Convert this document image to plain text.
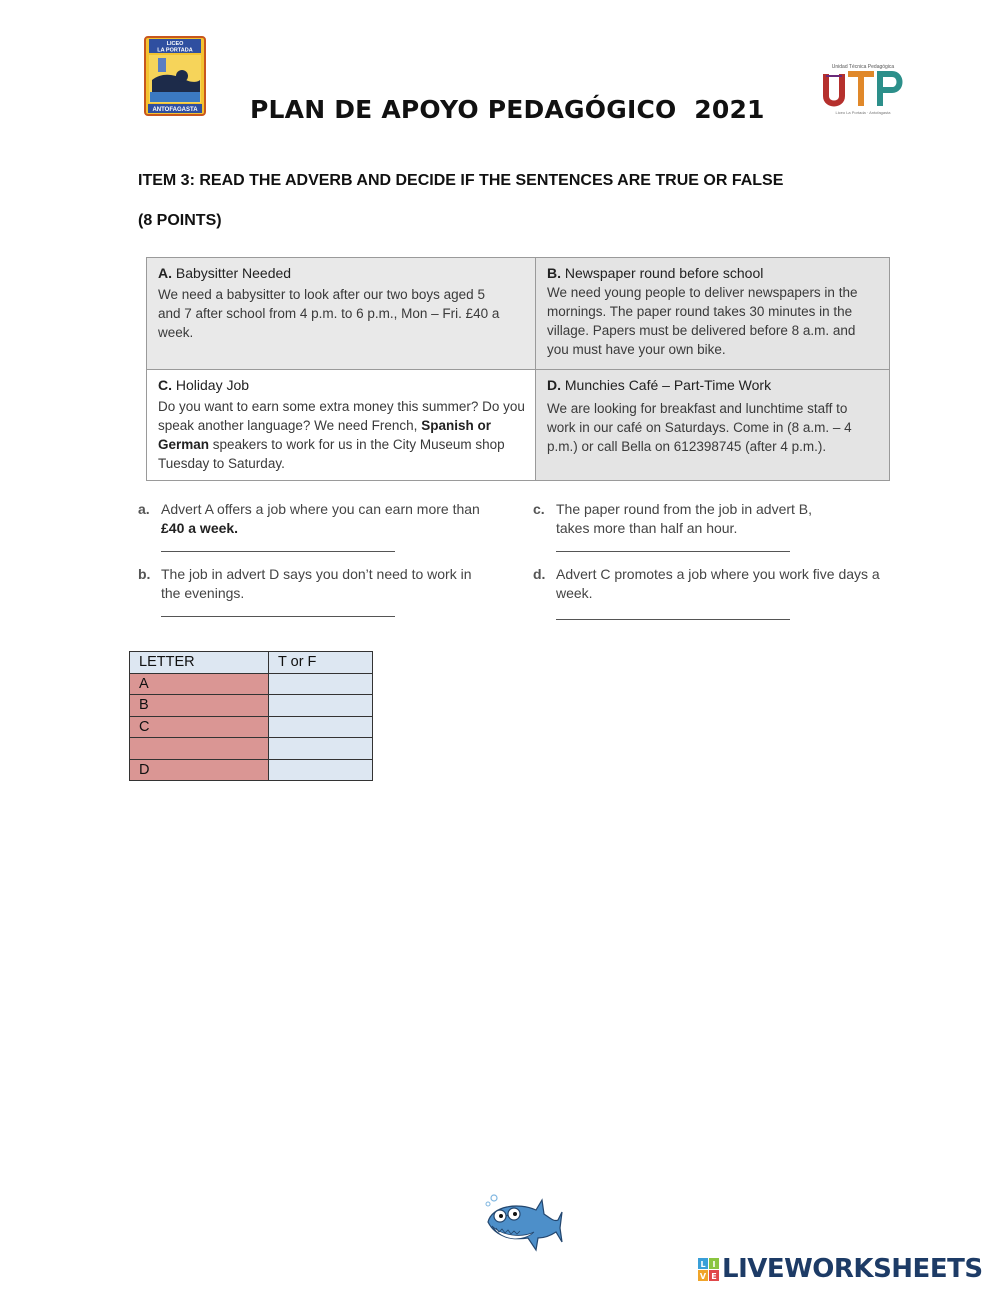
LICEO
LA PORTADA
ANTOFAGASTA PLAN DE APOYO PEDAGÓGICO  2021
Unidad Técnica Pedagógica
Liceo La Portada · Antofagasta
ITEM 3: READ THE ADVERB AND DECIDE IF THE SENTENCES ARE TRUE OR FALSE
(8 POINTS)
A. Babysitter Needed
We need a babysitter to look after our two boys aged 5 and 7 after school from 4 p.m. to 6 p.m., Mon – Fri. £40 a week.
B. Newspaper round before school
We need young people to deliver newspapers in the mornings. The paper round takes 30 minutes in the village. Papers must be delivered before 8 a.m. and you must have your own bike.
C. Holiday Job
Do you want to earn some extra money this summer? Do you speak another language? We need French, Spanish or German speakers to work for us in the City Museum shop Tuesday to Saturday.
D. Munchies Café – Part-Time Work
We are looking for breakfast and lunchtime staff to work in our café on Saturdays. Come in (8 a.m. – 4 p.m.) or call Bella on 612398745 (after 4 p.m.).
a. Advert A offers a job where you can earn more than
£40 a week.
b. The job in advert D says you don’t need to work in the evenings.
c. The paper round from the job in advert B, takes more than half an hour.
d. Advert C promotes a job where you work five days a week.
LETTER	T or F
A	
B	
C	

D	
L I
V E LIVEWORKSHEETS
